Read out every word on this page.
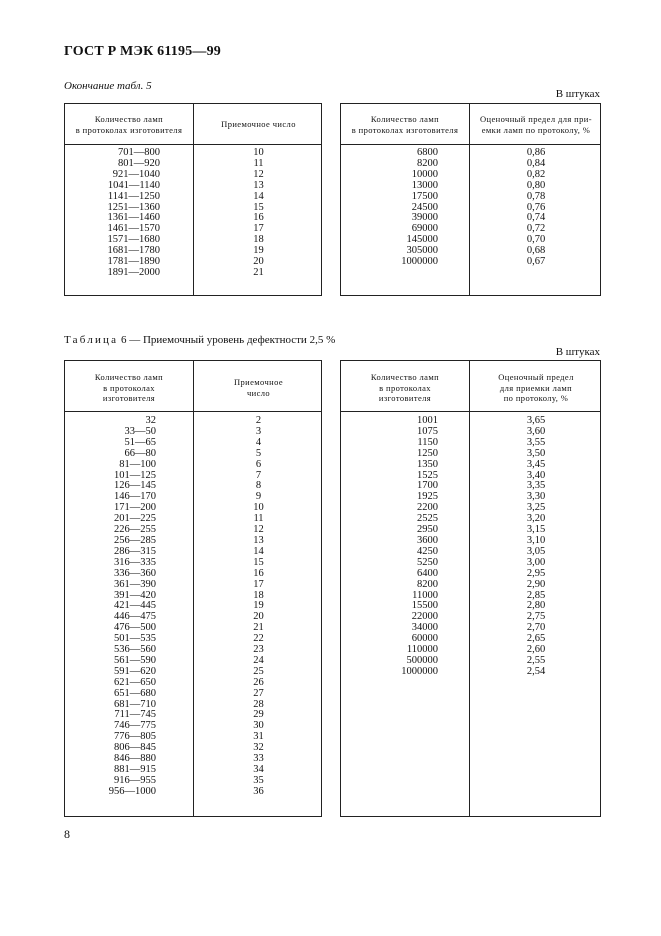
ГОСТ Р МЭК 61195—99
Окончание табл. 5
В штуках
Количество ламп
в протоколах изготовителя
Приемочное число
701—800
801—920
921—1040
1041—1140
1141—1250
1251—1360
1361—1460
1461—1570
1571—1680
1681—1780
1781—1890
1891—2000
10
11
12
13
14
15
16
17
18
19
20
21
Количество ламп
в протоколах изготовителя
Оценочный предел для при-
емки ламп по протоколу, %
6800
8200
10000
13000
17500
24500
39000
69000
145000
305000
1000000
0,86
0,84
0,82
0,80
0,78
0,76
0,74
0,72
0,70
0,68
0,67
Таблица 6 — Приемочный уровень дефектности 2,5 %
В штуках
Количество ламп
в протоколах
изготовителя
Приемочное
число
32
33—50
51—65
66—80
81—100
101—125
126—145
146—170
171—200
201—225
226—255
256—285
286—315
316—335
336—360
361—390
391—420
421—445
446—475
476—500
501—535
536—560
561—590
591—620
621—650
651—680
681—710
711—745
746—775
776—805
806—845
846—880
881—915
916—955
956—1000
2
3
4
5
6
7
8
9
10
11
12
13
14
15
16
17
18
19
20
21
22
23
24
25
26
27
28
29
30
31
32
33
34
35
36
Количество ламп
в протоколах
изготовителя
Оценочный предел
для приемки ламп
по протоколу, %
1001
1075
1150
1250
1350
1525
1700
1925
2200
2525
2950
3600
4250
5250
6400
8200
11000
15500
22000
34000
60000
110000
500000
1000000
3,65
3,60
3,55
3,50
3,45
3,40
3,35
3,30
3,25
3,20
3,15
3,10
3,05
3,00
2,95
2,90
2,85
2,80
2,75
2,70
2,65
2,60
2,55
2,54
8
